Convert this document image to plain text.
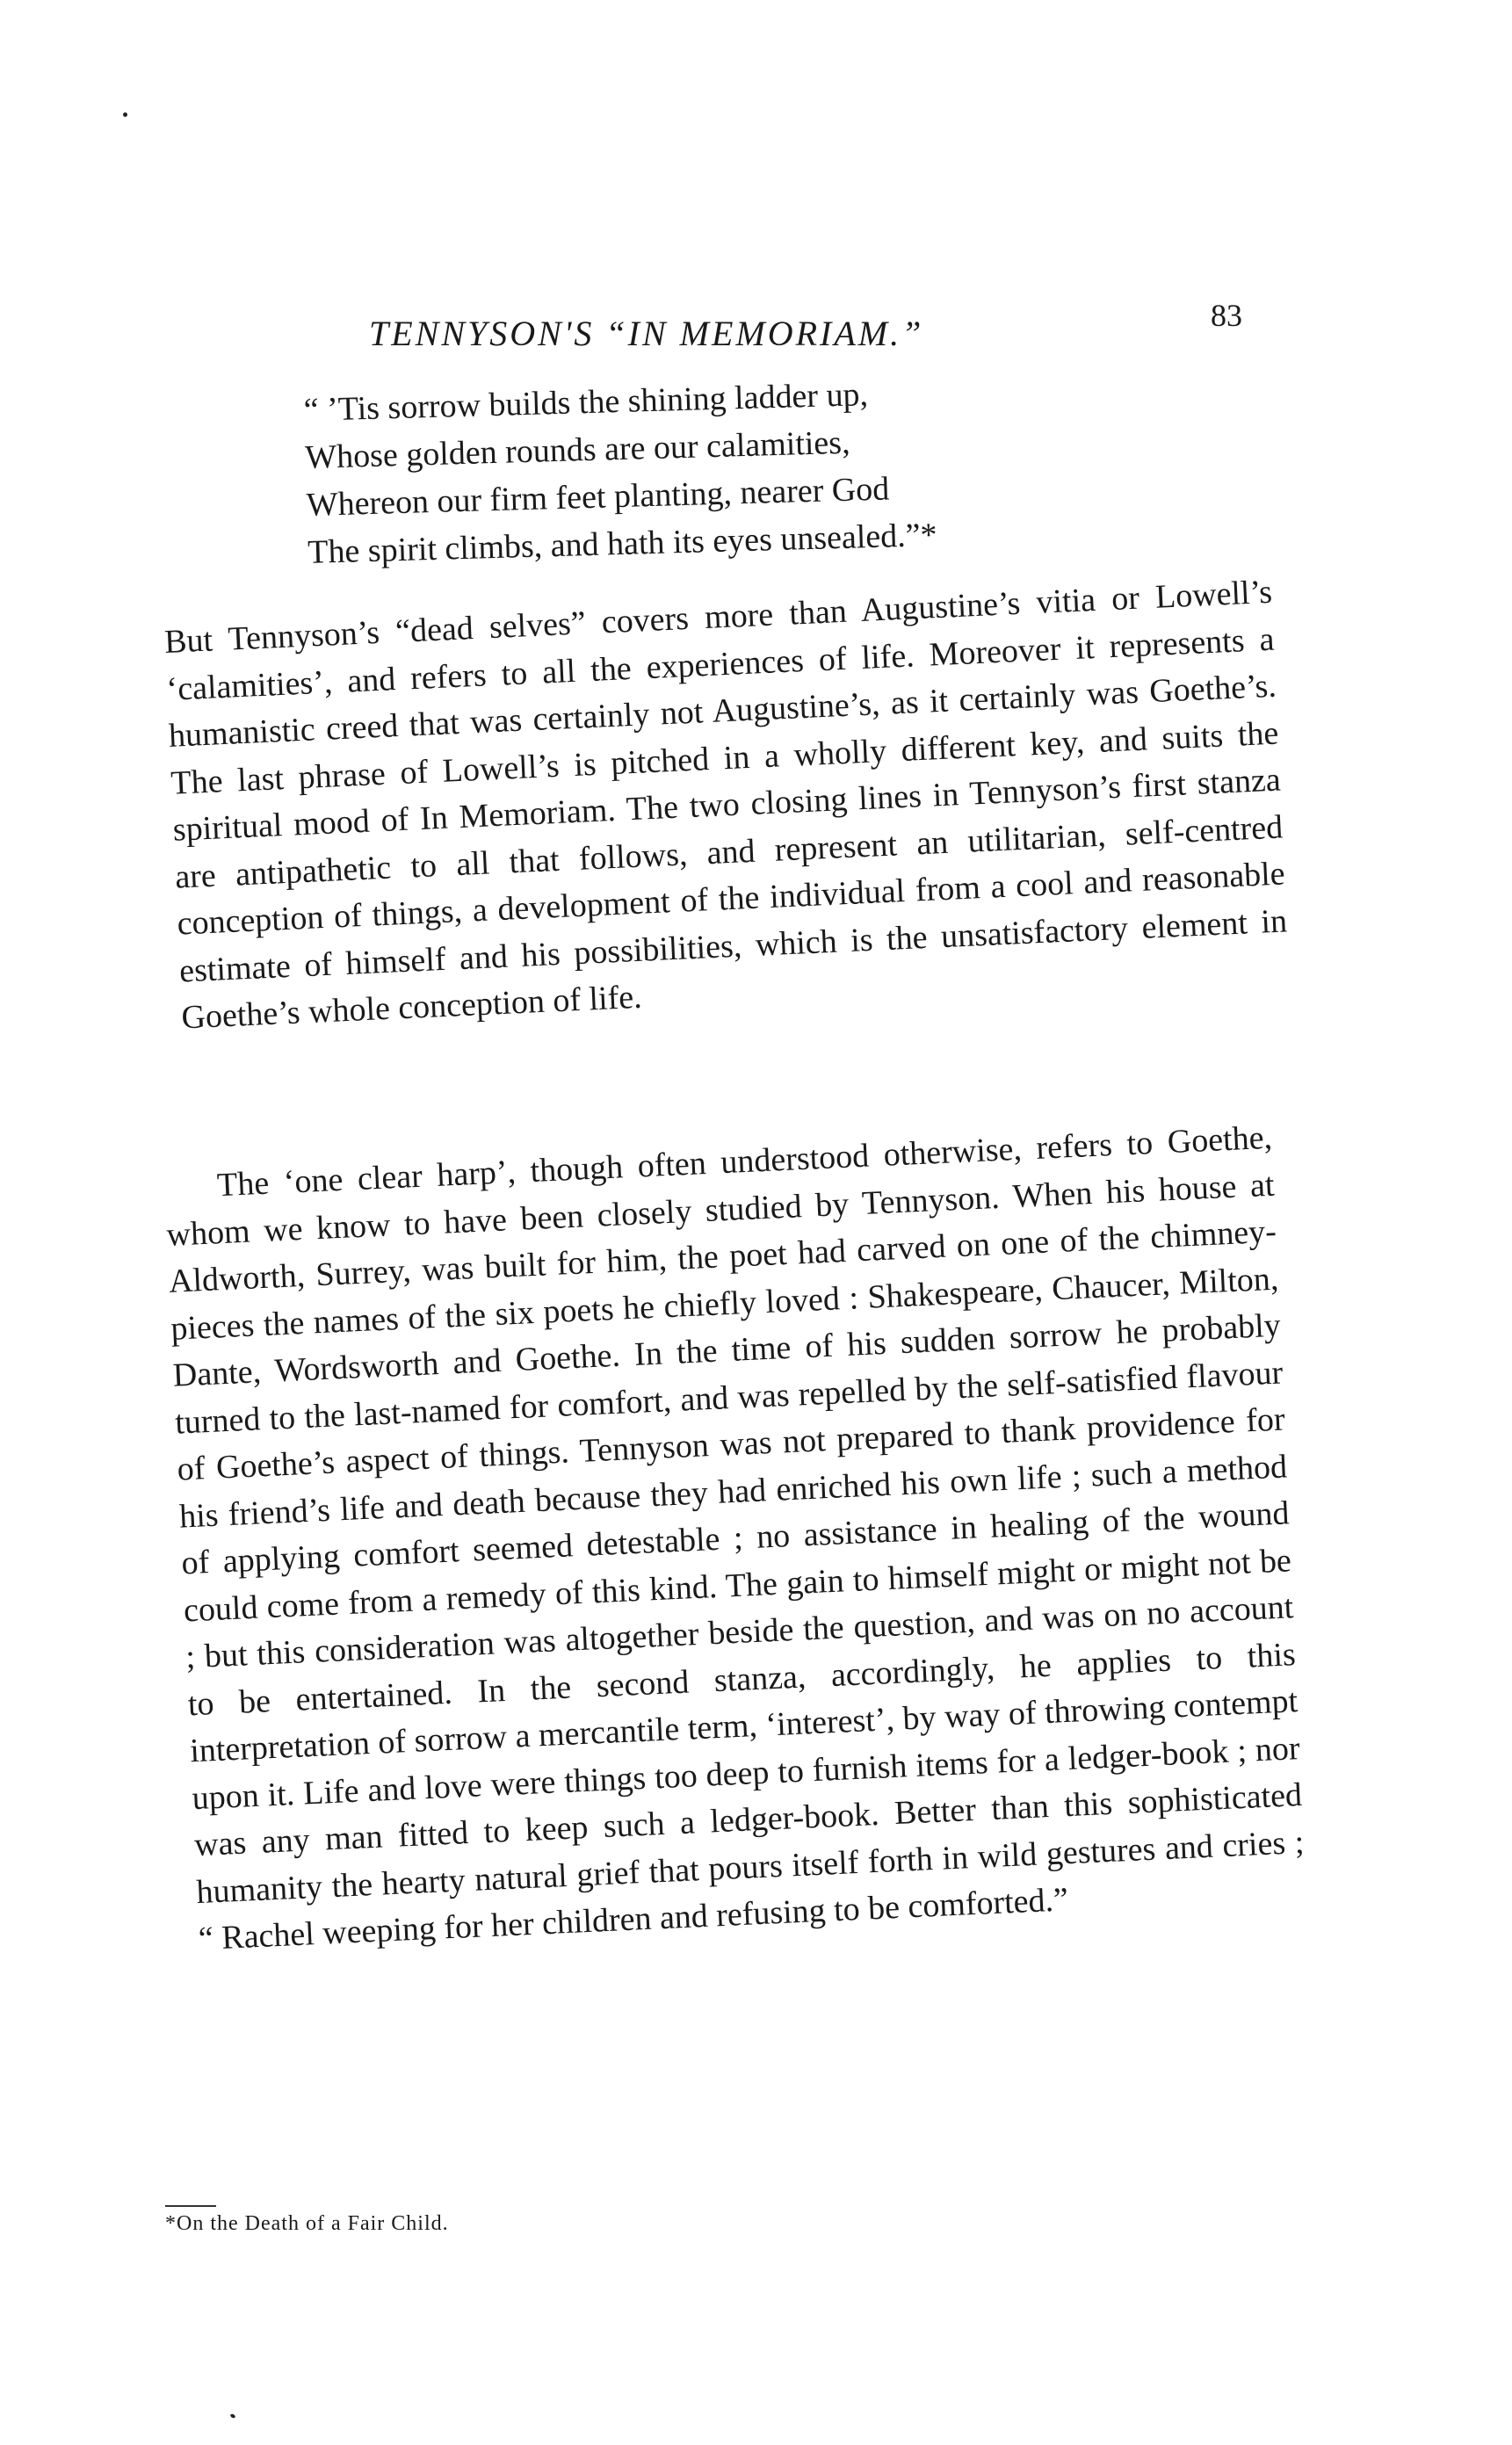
TENNYSON'S “IN MEMORIAM.”	83
“ ’Tis sorrow builds the shining ladder up,
Whose golden rounds are our calamities,
Whereon our firm feet planting, nearer God
The spirit climbs, and hath its eyes unsealed.”*

But Tennyson’s “dead selves” covers more than Augustine’s vitia or Lowell’s ‘calamities’, and refers to all the experiences of life. Moreover it represents a humanistic creed that was certainly not Augustine’s, as it certainly was Goethe’s. The last phrase of Lowell’s is pitched in a wholly different key, and suits the spiritual mood of In Memoriam. The two closing lines in Tennyson’s first stanza are antipathetic to all that follows, and represent an utilitarian, self-centred conception of things, a development of the individual from a cool and reasonable estimate of himself and his possibilities, which is the unsatisfactory element in Goethe’s whole conception of life.

The ‘one clear harp’, though often understood otherwise, refers to Goethe, whom we know to have been closely studied by Tennyson. When his house at Aldworth, Surrey, was built for him, the poet had carved on one of the chimney-pieces the names of the six poets he chiefly loved : Shakespeare, Chaucer, Milton, Dante, Wordsworth and Goethe. In the time of his sudden sorrow he probably turned to the last-named for comfort, and was repelled by the self-satisfied flavour of Goethe’s aspect of things. Tennyson was not prepared to thank providence for his friend’s life and death because they had enriched his own life ; such a method of applying comfort seemed detestable ; no assistance in healing of the wound could come from a remedy of this kind. The gain to himself might or might not be ; but this consideration was altogether beside the question, and was on no account to be entertained. In the second stanza, accordingly, he applies to this interpretation of sorrow a mercantile term, ‘interest’, by way of throwing contempt upon it. Life and love were things too deep to furnish items for a ledger-book ; nor was any man fitted to keep such a ledger-book. Better than this sophisticated humanity the hearty natural grief that pours itself forth in wild gestures and cries ; “ Rachel weeping for her children and refusing to be comforted.”

*On the Death of a Fair Child.
